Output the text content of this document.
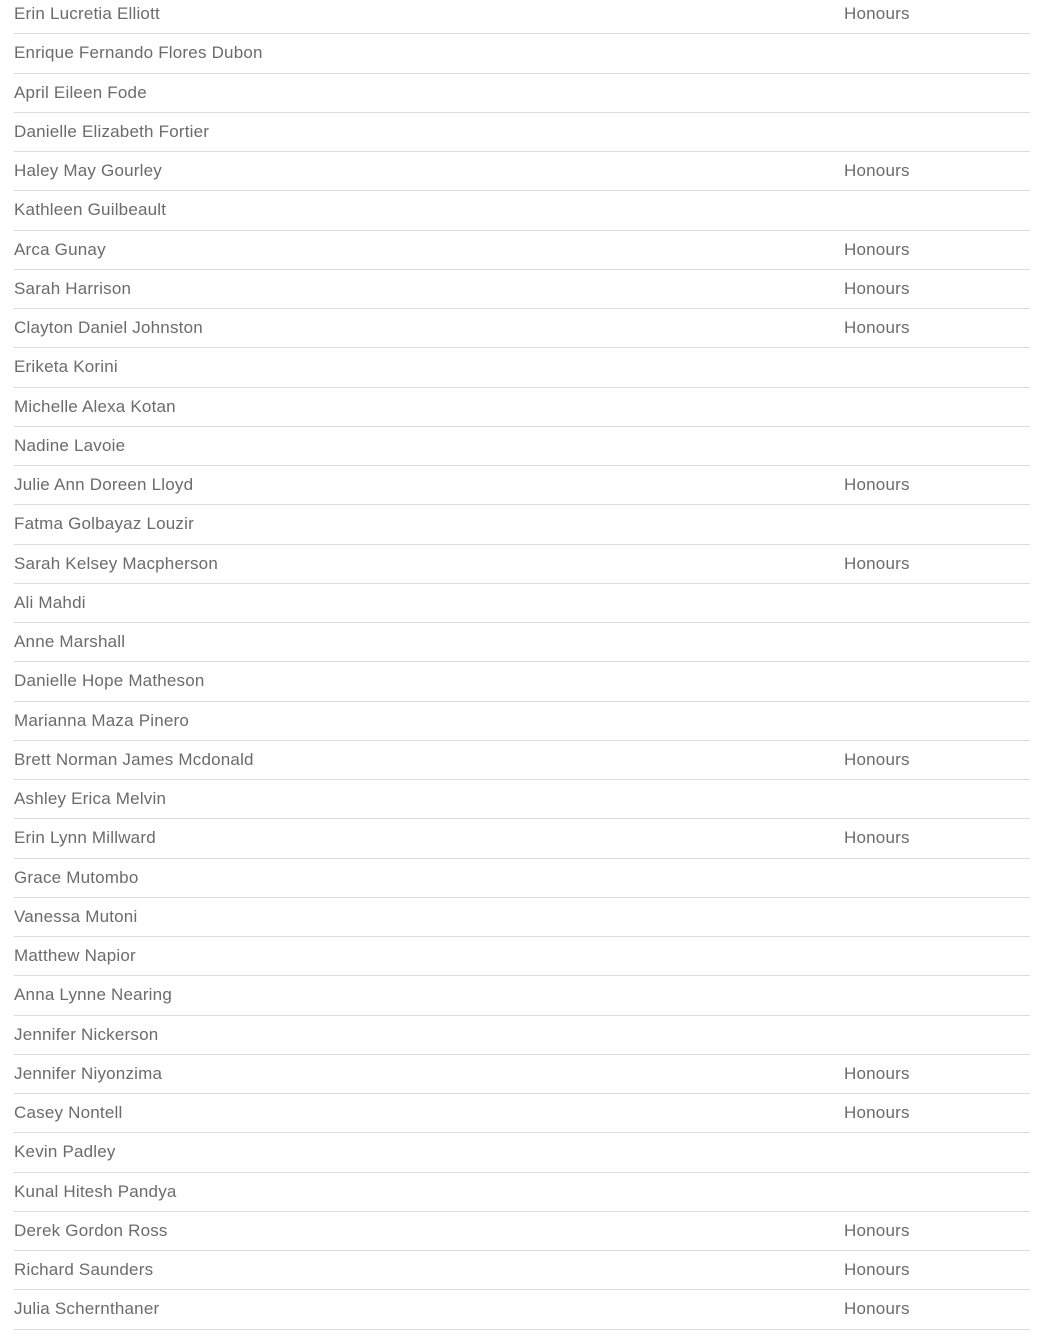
Erin Lucretia Elliott	Honours
Enrique Fernando Flores Dubon
April Eileen Fode
Danielle Elizabeth Fortier
Haley May Gourley	Honours
Kathleen Guilbeault
Arca Gunay	Honours
Sarah Harrison	Honours
Clayton Daniel Johnston	Honours
Eriketa Korini
Michelle Alexa Kotan
Nadine Lavoie
Julie Ann Doreen Lloyd	Honours
Fatma Golbayaz Louzir
Sarah Kelsey Macpherson	Honours
Ali Mahdi
Anne Marshall
Danielle Hope Matheson
Marianna Maza Pinero
Brett Norman James Mcdonald	Honours
Ashley Erica Melvin
Erin Lynn Millward	Honours
Grace Mutombo
Vanessa Mutoni
Matthew Napior
Anna Lynne Nearing
Jennifer Nickerson
Jennifer Niyonzima	Honours
Casey Nontell	Honours
Kevin Padley
Kunal Hitesh Pandya
Derek Gordon Ross	Honours
Richard Saunders	Honours
Julia Schernthaner	Honours
